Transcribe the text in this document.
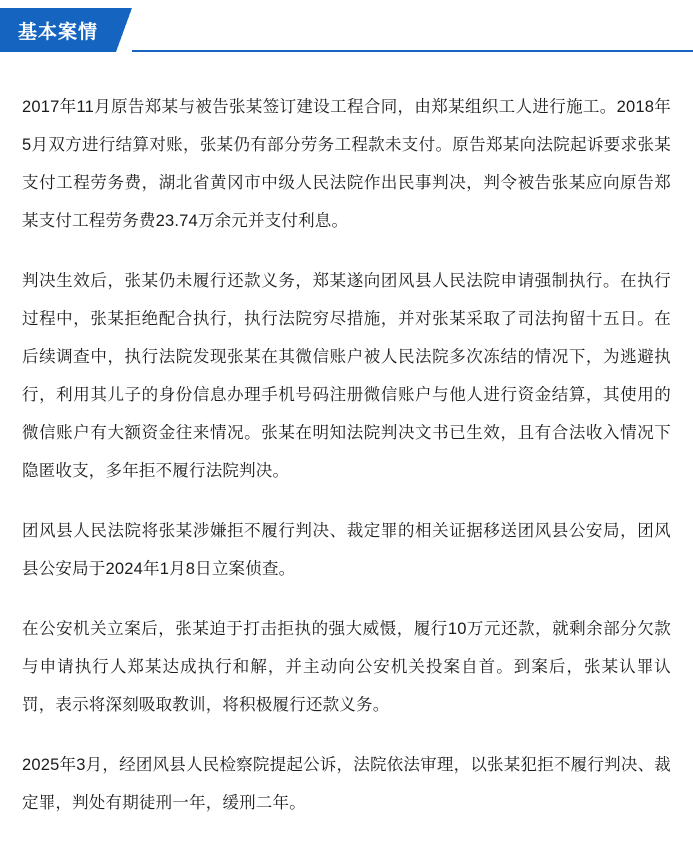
基本案情

2017年11月原告郑某与被告张某签订建设工程合同，由郑某组织工人进行施工。2018年5月双方进行结算对账，张某仍有部分劳务工程款未支付。原告郑某向法院起诉要求张某支付工程劳务费，湖北省黄冈市中级人民法院作出民事判决，判令被告张某应向原告郑某支付工程劳务费23.74万余元并支付利息。

判决生效后，张某仍未履行还款义务，郑某遂向团风县人民法院申请强制执行。在执行过程中，张某拒绝配合执行，执行法院穷尽措施，并对张某采取了司法拘留十五日。在后续调查中，执行法院发现张某在其微信账户被人民法院多次冻结的情况下，为逃避执行，利用其儿子的身份信息办理手机号码注册微信账户与他人进行资金结算，其使用的微信账户有大额资金往来情况。张某在明知法院判决文书已生效，且有合法收入情况下隐匿收支，多年拒不履行法院判决。

团风县人民法院将张某涉嫌拒不履行判决、裁定罪的相关证据移送团风县公安局，团风县公安局于2024年1月8日立案侦查。

在公安机关立案后，张某迫于打击拒执的强大威慑，履行10万元还款，就剩余部分欠款与申请执行人郑某达成执行和解，并主动向公安机关投案自首。到案后，张某认罪认罚，表示将深刻吸取教训，将积极履行还款义务。

2025年3月，经团风县人民检察院提起公诉，法院依法审理，以张某犯拒不履行判决、裁定罪，判处有期徒刑一年，缓刑二年。
